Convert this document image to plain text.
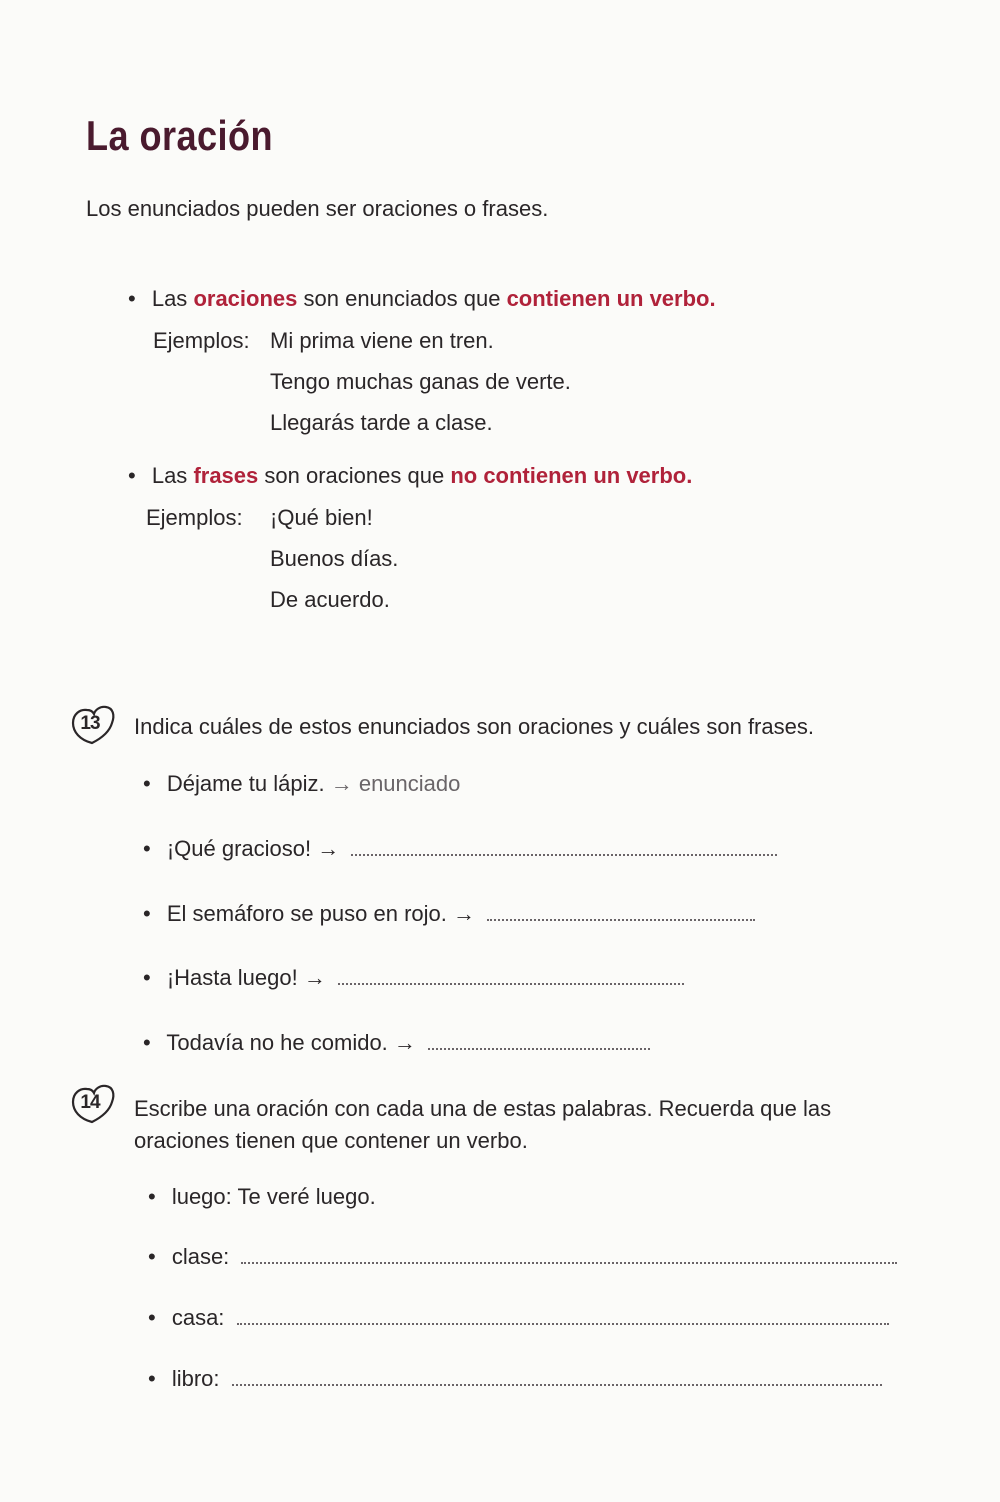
La oración
Los enunciados pueden ser oraciones o frases.
• Las oraciones son enunciados que contienen un verbo.
Ejemplos: Mi prima viene en tren.
Tengo muchas ganas de verte.
Llegarás tarde a clase.
• Las frases son oraciones que no contienen un verbo.
Ejemplos: ¡Qué bien!
Buenos días.
De acuerdo.
13	Indica cuáles de estos enunciados son oraciones y cuáles son frases.
• Déjame tu lápiz. → enunciado
• ¡Qué gracioso! →
• El semáforo se puso en rojo. →
• ¡Hasta luego! →
• Todavía no he comido. →
14	Escribe una oración con cada una de estas palabras. Recuerda que las
oraciones tienen que contener un verbo.
• luego: Te veré luego.
• clase:
• casa:
• libro:
